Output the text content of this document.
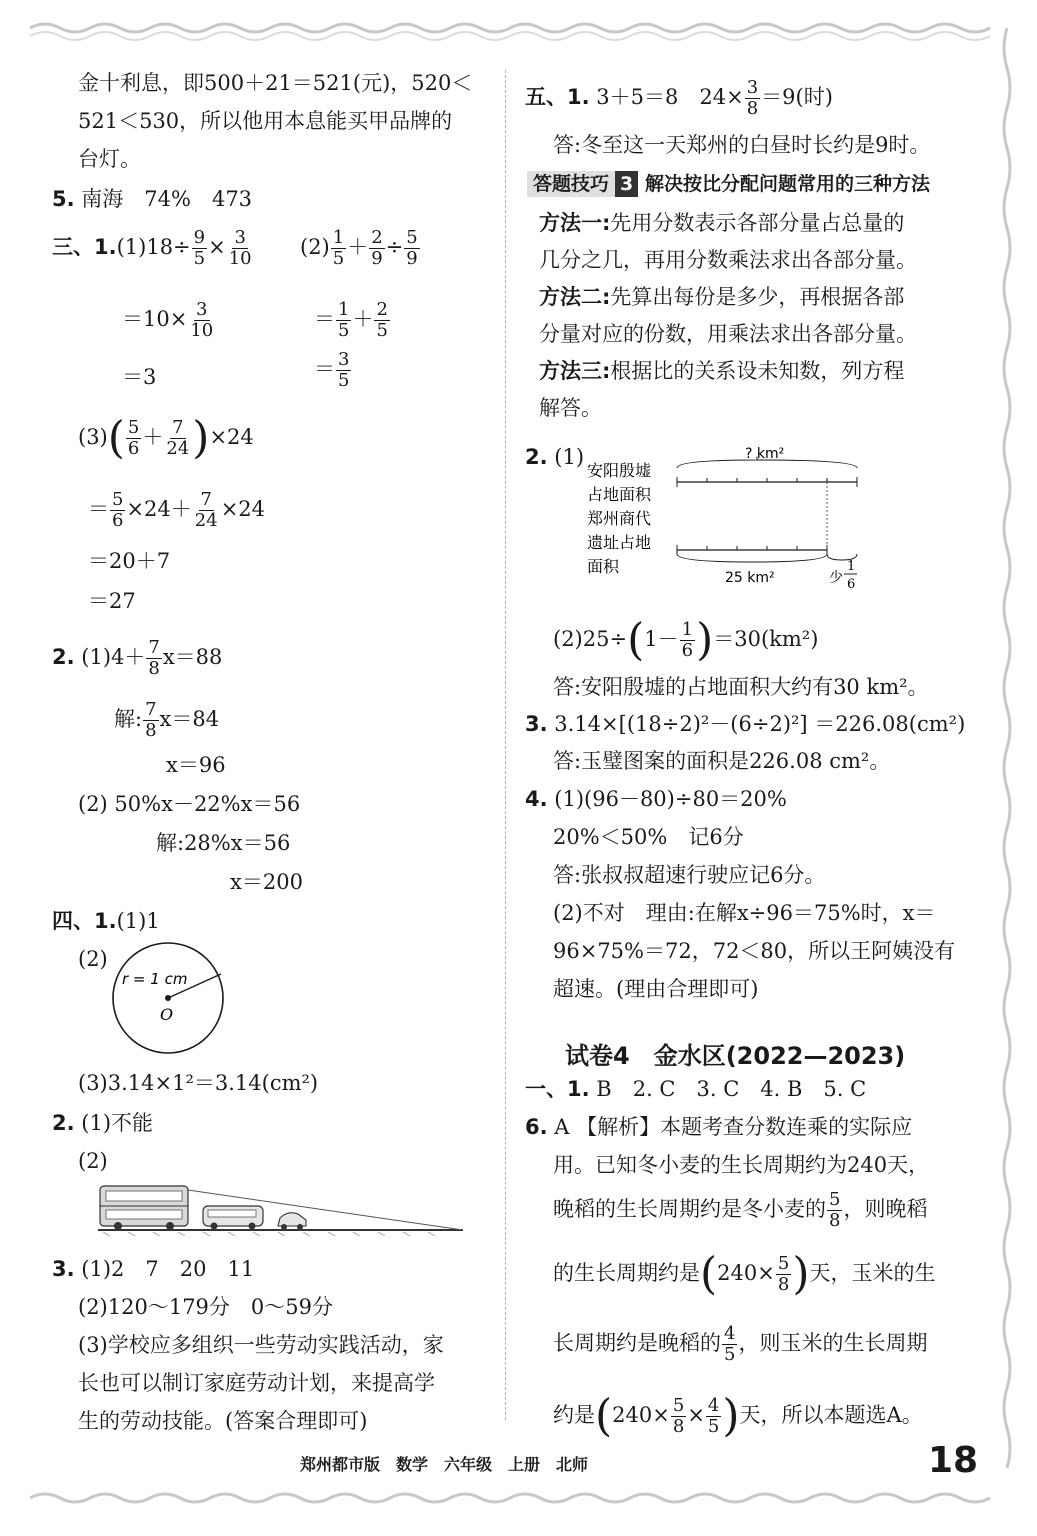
金十利息，即500＋21＝521(元)，520＜
521＜530，所以他用本息能买甲品牌的
台灯。
5. 南海　74%　473
三、$1.(1)18\div \frac{9}{5} \times \frac{3}{10} (2) \frac{1}{5} + \frac{2}{9} \div \frac{5}{9}$
$=10\times \frac{3}{10}$	＝ $\frac{1}{5} + \frac{2}{5}$
＝3	＝ $\frac{3}{5}$
$(3)( \frac{5}{6} + \frac{7}{24} )\times 24$
＝ $\frac{5}{6} \times 24+ \frac{7}{24} \times 24$
＝20＋7
＝27
2. $(1)4+ \frac{7}{8} x=88$
解: $\frac{7}{8} x=84$
x＝96
(2) 50%x－22%x＝56
解:28%x＝56
x＝200
四、1.(1)1
(2)
r = 1 cm
O
(3)3.14×1²＝3.14(cm²)
2. (1)不能
(2)
3. (1)2　7　20　11
(2)120～179分　0～59分
(3)学校应多组织一些劳动实践活动，家
长也可以制订家庭劳动计划，来提高学
生的劳动技能。(答案合理即可)
五、1. 3＋5＝8　$24\times \frac{3}{8} =9$(时)
答:冬至这一天郑州的白昼时长约是9时。
答题技巧 3 解决按比分配问题常用的三种方法
方法一:先用分数表示各部分量占总量的
几分之几，再用分数乘法求出各部分量。
方法二:先算出每份是多少，再根据各部
分量对应的份数，用乘法求出各部分量。
方法三:根据比的关系设未知数，列方程
解答。
2. (1)
安阳殷墟
占地面积
? km²
郑州商代
遗址占地
面积
25 km²	少
1
6
$(2)25\div(1- \frac{1}{6} )=30(km^2)$
答:安阳殷墟的占地面积大约有30 km²。
3. 3.14×[(18÷2)²－(6÷2)²] ＝226.08(cm²)
答:玉璧图案的面积是226.08 cm²。
4. (1)(96－80)÷80＝20%
20%＜50%　记6分
答:张叔叔超速行驶应记6分。
(2)不对　理由:在解x÷96＝75%时，x＝
96×75%＝72，72＜80，所以王阿姨没有
超速。(理由合理即可)
试卷4　金水区(2022—2023)
一、1. B　2. C　3. C　4. B　5. C
6. A 【解析】本题考查分数连乘的实际应
用。已知冬小麦的生长周期约为240天，
晚稻的生长周期约是冬小麦的 $\frac{5}{8}$ ，则晚稻
的生长周期约是($240\times \frac{5}{8}$ )天，玉米的生
长周期约是晚稻的 $\frac{4}{5}$ ，则玉米的生长周期
约是($240\times \frac{5}{8} \times \frac{4}{5}$ )天，所以本题选A。
郑州都市版　数学　六年级　上册　北师	18
